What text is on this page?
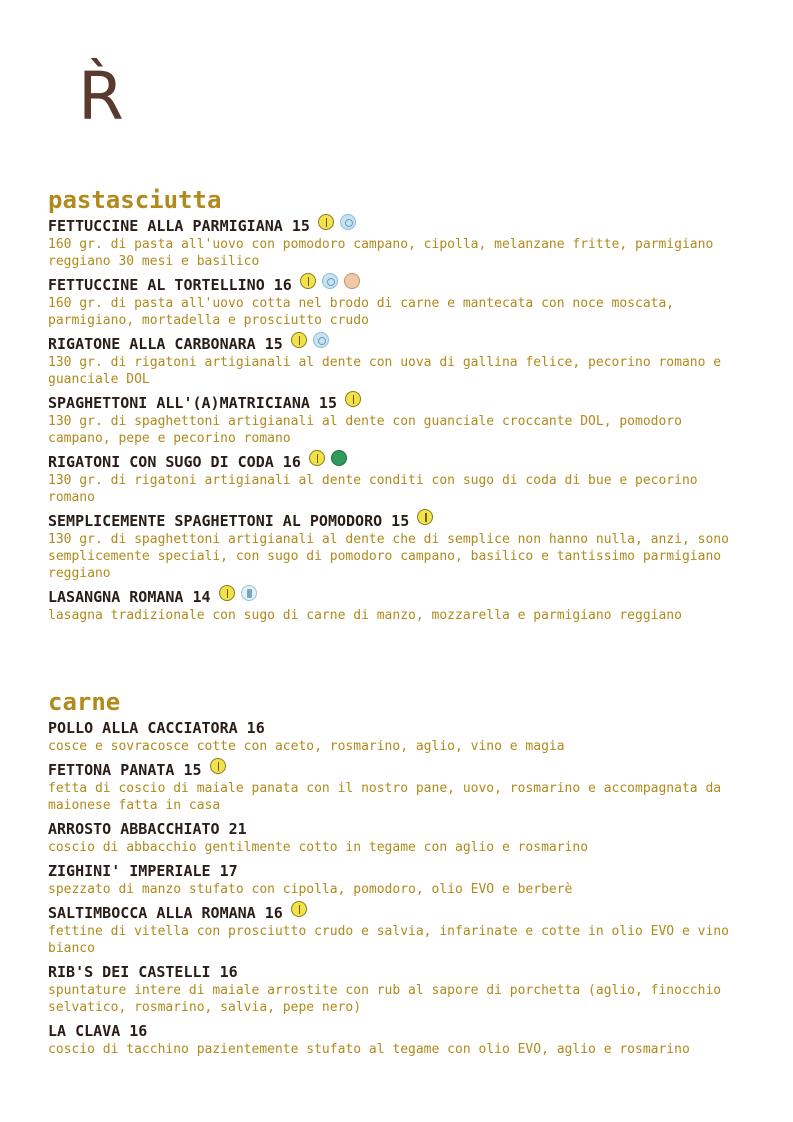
R̀
pastasciutta
FETTUCCINE ALLA PARMIGIANA 15
160 gr. di pasta all'uovo con pomodoro campano, cipolla, melanzane fritte, parmigiano reggiano 30 mesi e basilico
FETTUCCINE AL TORTELLINO 16
160 gr. di pasta all'uovo cotta nel brodo di carne e mantecata con noce moscata, parmigiano, mortadella e prosciutto crudo
RIGATONE ALLA CARBONARA 15
130 gr. di rigatoni artigianali al dente con uova di gallina felice, pecorino romano e guanciale DOL
SPAGHETTONI ALL'(A)MATRICIANA 15
130 gr. di spaghettoni artigianali al dente con guanciale croccante DOL, pomodoro campano, pepe e pecorino romano
RIGATONI CON SUGO DI CODA 16
130 gr. di rigatoni artigianali al dente conditi con sugo di coda di bue e pecorino romano
SEMPLICEMENTE SPAGHETTONI AL POMODORO 15
130 gr. di spaghettoni artigianali al dente che di semplice non hanno nulla, anzi, sono semplicemente speciali, con sugo di pomodoro campano, basilico e tantissimo parmigiano reggiano
LASANGNA ROMANA 14
lasagna tradizionale con sugo di carne di manzo, mozzarella e parmigiano reggiano
carne
POLLO ALLA CACCIATORA 16
cosce e sovracosce cotte con aceto, rosmarino, aglio, vino e magia
FETTONA PANATA 15
fetta di coscio di maiale panata con il nostro pane, uovo, rosmarino e accompagnata da maionese fatta in casa
ARROSTO ABBACCHIATO 21
coscio di abbacchio gentilmente cotto in tegame con aglio e rosmarino
ZIGHINI' IMPERIALE 17
spezzato di manzo stufato con cipolla, pomodoro, olio EVO e berberè
SALTIMBOCCA ALLA ROMANA 16
fettine di vitella con prosciutto crudo e salvia, infarinate e cotte in olio EVO e vino bianco
RIB'S DEI CASTELLI 16
spuntature intere di maiale arrostite con rub al sapore di porchetta (aglio, finocchio selvatico, rosmarino, salvia, pepe nero)
LA CLAVA 16
coscio di tacchino pazientemente stufato al tegame con olio EVO, aglio e rosmarino
